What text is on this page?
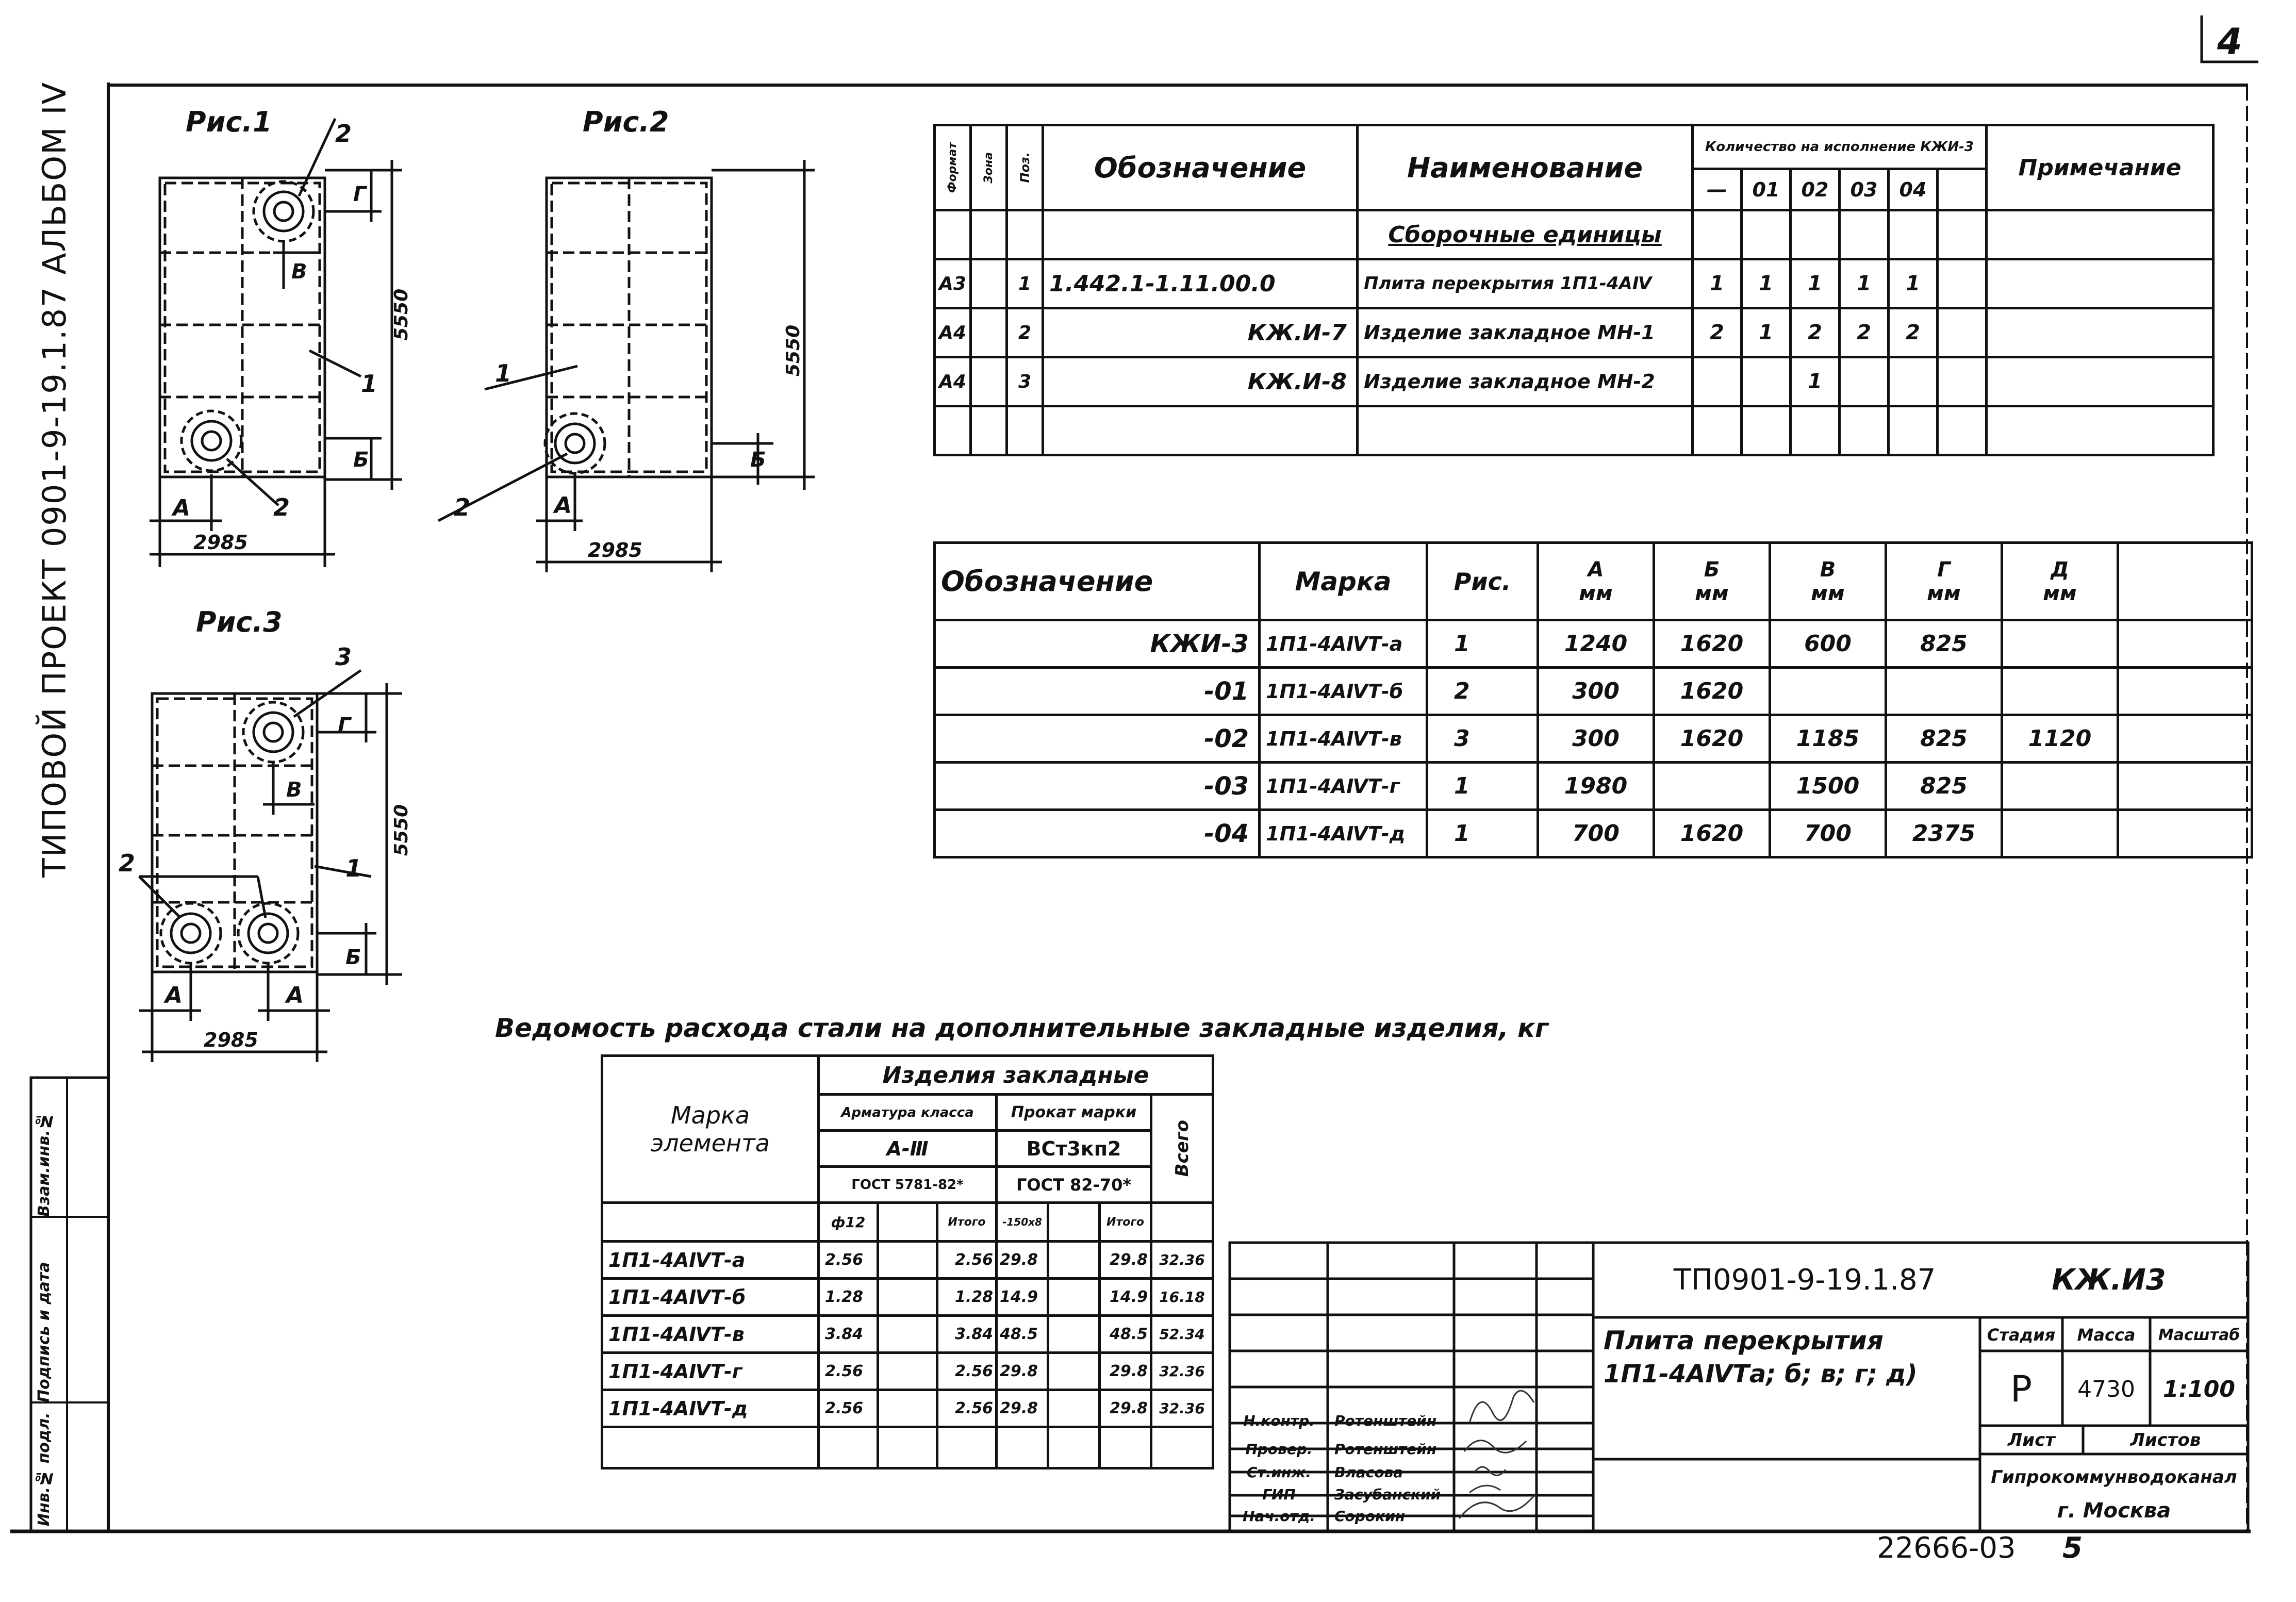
4
ТИПОВОЙ ПРОЕКТ 0901-9-19.1.87 АЛЬБОМ IV
Инв.№ подл.
Подпись и дата
Взам.инв.№
Рис.1
2985
5550
А
Б
В
Г
1
2
2
Рис.2
2985
5550
А
Б
1
2
Рис.3
2985
5550
А	А
Б
В
Г
1
2
3
Формат	Зона	Поз.	Обозначение	Наименование	Количество на исполнение КЖИ-3						Примечание
					—	01	02	03	04		
				Сборочные единицы							
А3		1	1.442.1-1.11.00.0	Плита перекрытия 1П1-4АⅣ	1	1	1	1	1		
А4		2	КЖ.И-7	Изделие закладное МН-1	2	1	2	2	2		
А4		3	КЖ.И-8	Изделие закладное МН-2			1				

Обозначение	Марка	Рис.	А мм	Б мм	В мм	Г мм	Д мм	
КЖИ-3	1П1-4АⅣТ-а	1	1240	1620	600	825		
-01	1П1-4АⅣТ-б	2	300	1620				
-02	1П1-4АⅣТ-в	3	300	1620	1185	825	1120	
-03	1П1-4АⅣТ-г	1	1980		1500	825		
-04	1П1-4АⅣТ-д	1	700	1620	700	2375		
Ведомость расхода стали на дополнительные закладные изделия, кг
Марка элемента	Изделия закладные						
	Арматура класса			Прокат марки			Всего

	А-Ⅲ			ВСт3кп2			
	ГОСТ 5781-82*			ГОСТ 82-70*			
	ф12		Итого	-150х8		Итого	
1П1-4АⅣТ-а	2.56		2.56	29.8		29.8	32.36
1П1-4АⅣТ-б	1.28		1.28	14.9		14.9	16.18
1П1-4АⅣТ-в	3.84		3.84	48.5		48.5	52.34
1П1-4АⅣТ-г	2.56		2.56	29.8		29.8	32.36
1П1-4АⅣТ-д	2.56		2.56	29.8		29.8	32.36

Н.контр.	Ротенштейн
Провер.	Ротенштейн
Ст.инж.	Власова
ГИП	Засубанский
Нач.отд.	Сорокин
ТП0901-9-19.1.87	КЖ.И3
Плита перекрытия
1П1-4АⅣТа; б; в; г; д)
Стадия	Масса	Масштаб
Р	4730	1:100
Лист	Листов
Гипрокоммунводоканал
г. Москва
22666-03 5
